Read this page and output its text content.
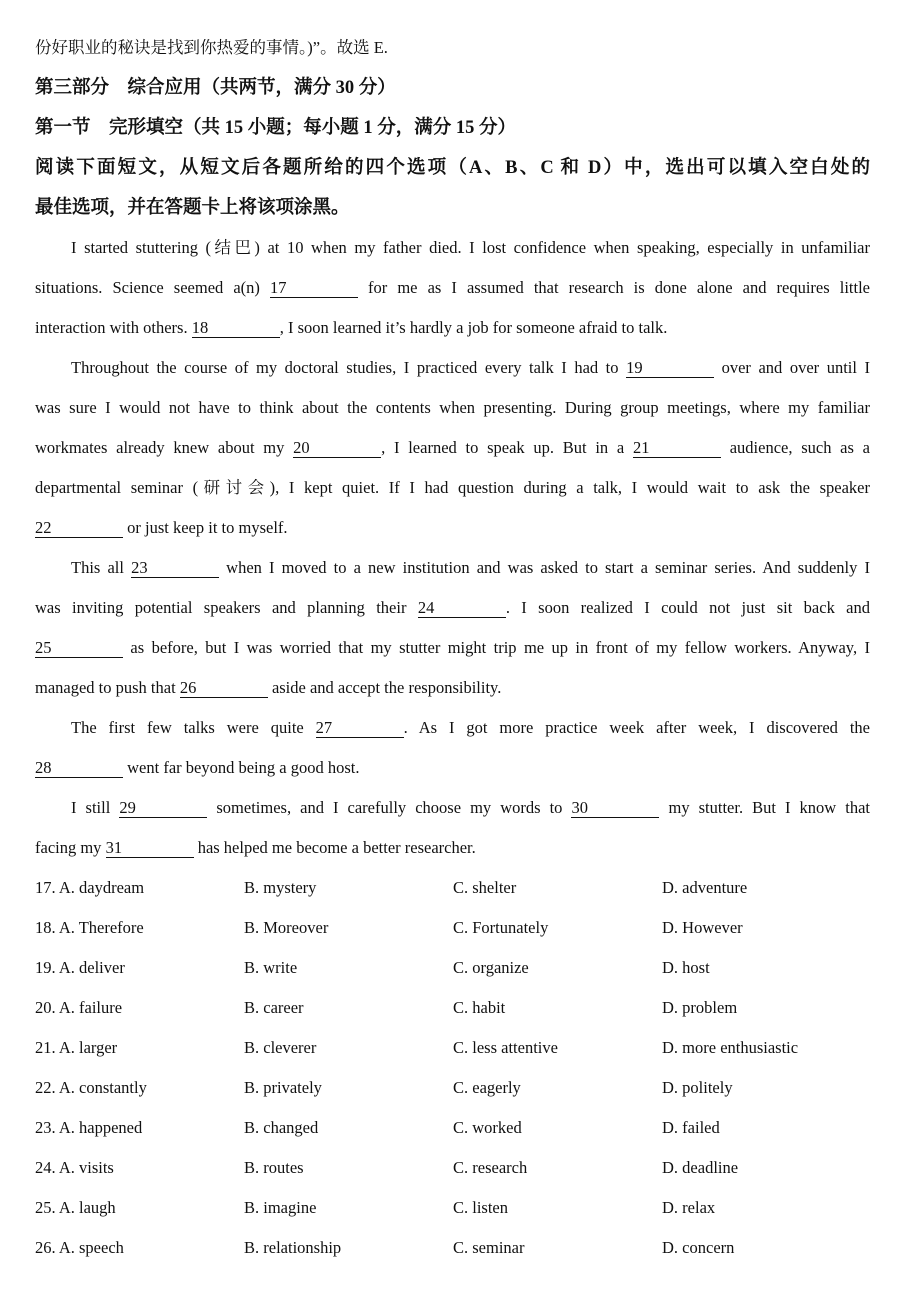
份好职业的秘诀是找到你热爱的事情。)”。故选 E.
第三部分　综合应用（共两节，满分 30 分）
第一节　完形填空（共 15 小题；每小题 1 分，满分 15 分）
阅读下面短文，从短文后各题所给的四个选项（A、B、C 和 D）中，选出可以填入空白处的
最佳选项，并在答题卡上将该项涂黑。
I started stuttering (结巴) at 10 when my father died. I lost confidence when speaking, especially in unfamiliar
situations. Science seemed a(n) 17	for me as I assumed that research is done alone and requires little
interaction with others. 18	, I soon learned it’s hardly a job for someone afraid to talk.
Throughout the course of my doctoral studies, I practiced every talk I had to 19	over and over until I
was sure I would not have to think about the contents when presenting. During group meetings, where my familiar
workmates already knew about my 20	, I learned to speak up. But in a 21	audience, such as a
departmental seminar (研讨会), I kept quiet. If I had question during a talk, I would wait to ask the speaker
22	or just keep it to myself.
This all 23	when I moved to a new institution and was asked to start a seminar series. And suddenly I
was inviting potential speakers and planning their 24	. I soon realized I could not just sit back and
25	as before, but I was worried that my stutter might trip me up in front of my fellow workers. Anyway, I
managed to push that 26	aside and accept the responsibility.
The first few talks were quite 27	. As I got more practice week after week, I discovered the
28	went far beyond being a good host.
I still 29	sometimes, and I carefully choose my words to 30	my stutter. But I know that
facing my 31	has helped me become a better researcher.
17. A. daydream	B. mystery	C. shelter	D. adventure
18. A. Therefore	B. Moreover	C. Fortunately	D. However
19. A. deliver	B. write	C. organize	D. host
20. A. failure	B. career	C. habit	D. problem
21. A. larger	B. cleverer	C. less attentive	D. more enthusiastic
22. A. constantly	B. privately	C. eagerly	D. politely
23. A. happened	B. changed	C. worked	D. failed
24. A. visits	B. routes	C. research	D. deadline
25. A. laugh	B. imagine	C. listen	D. relax
26. A. speech	B. relationship	C. seminar	D. concern
